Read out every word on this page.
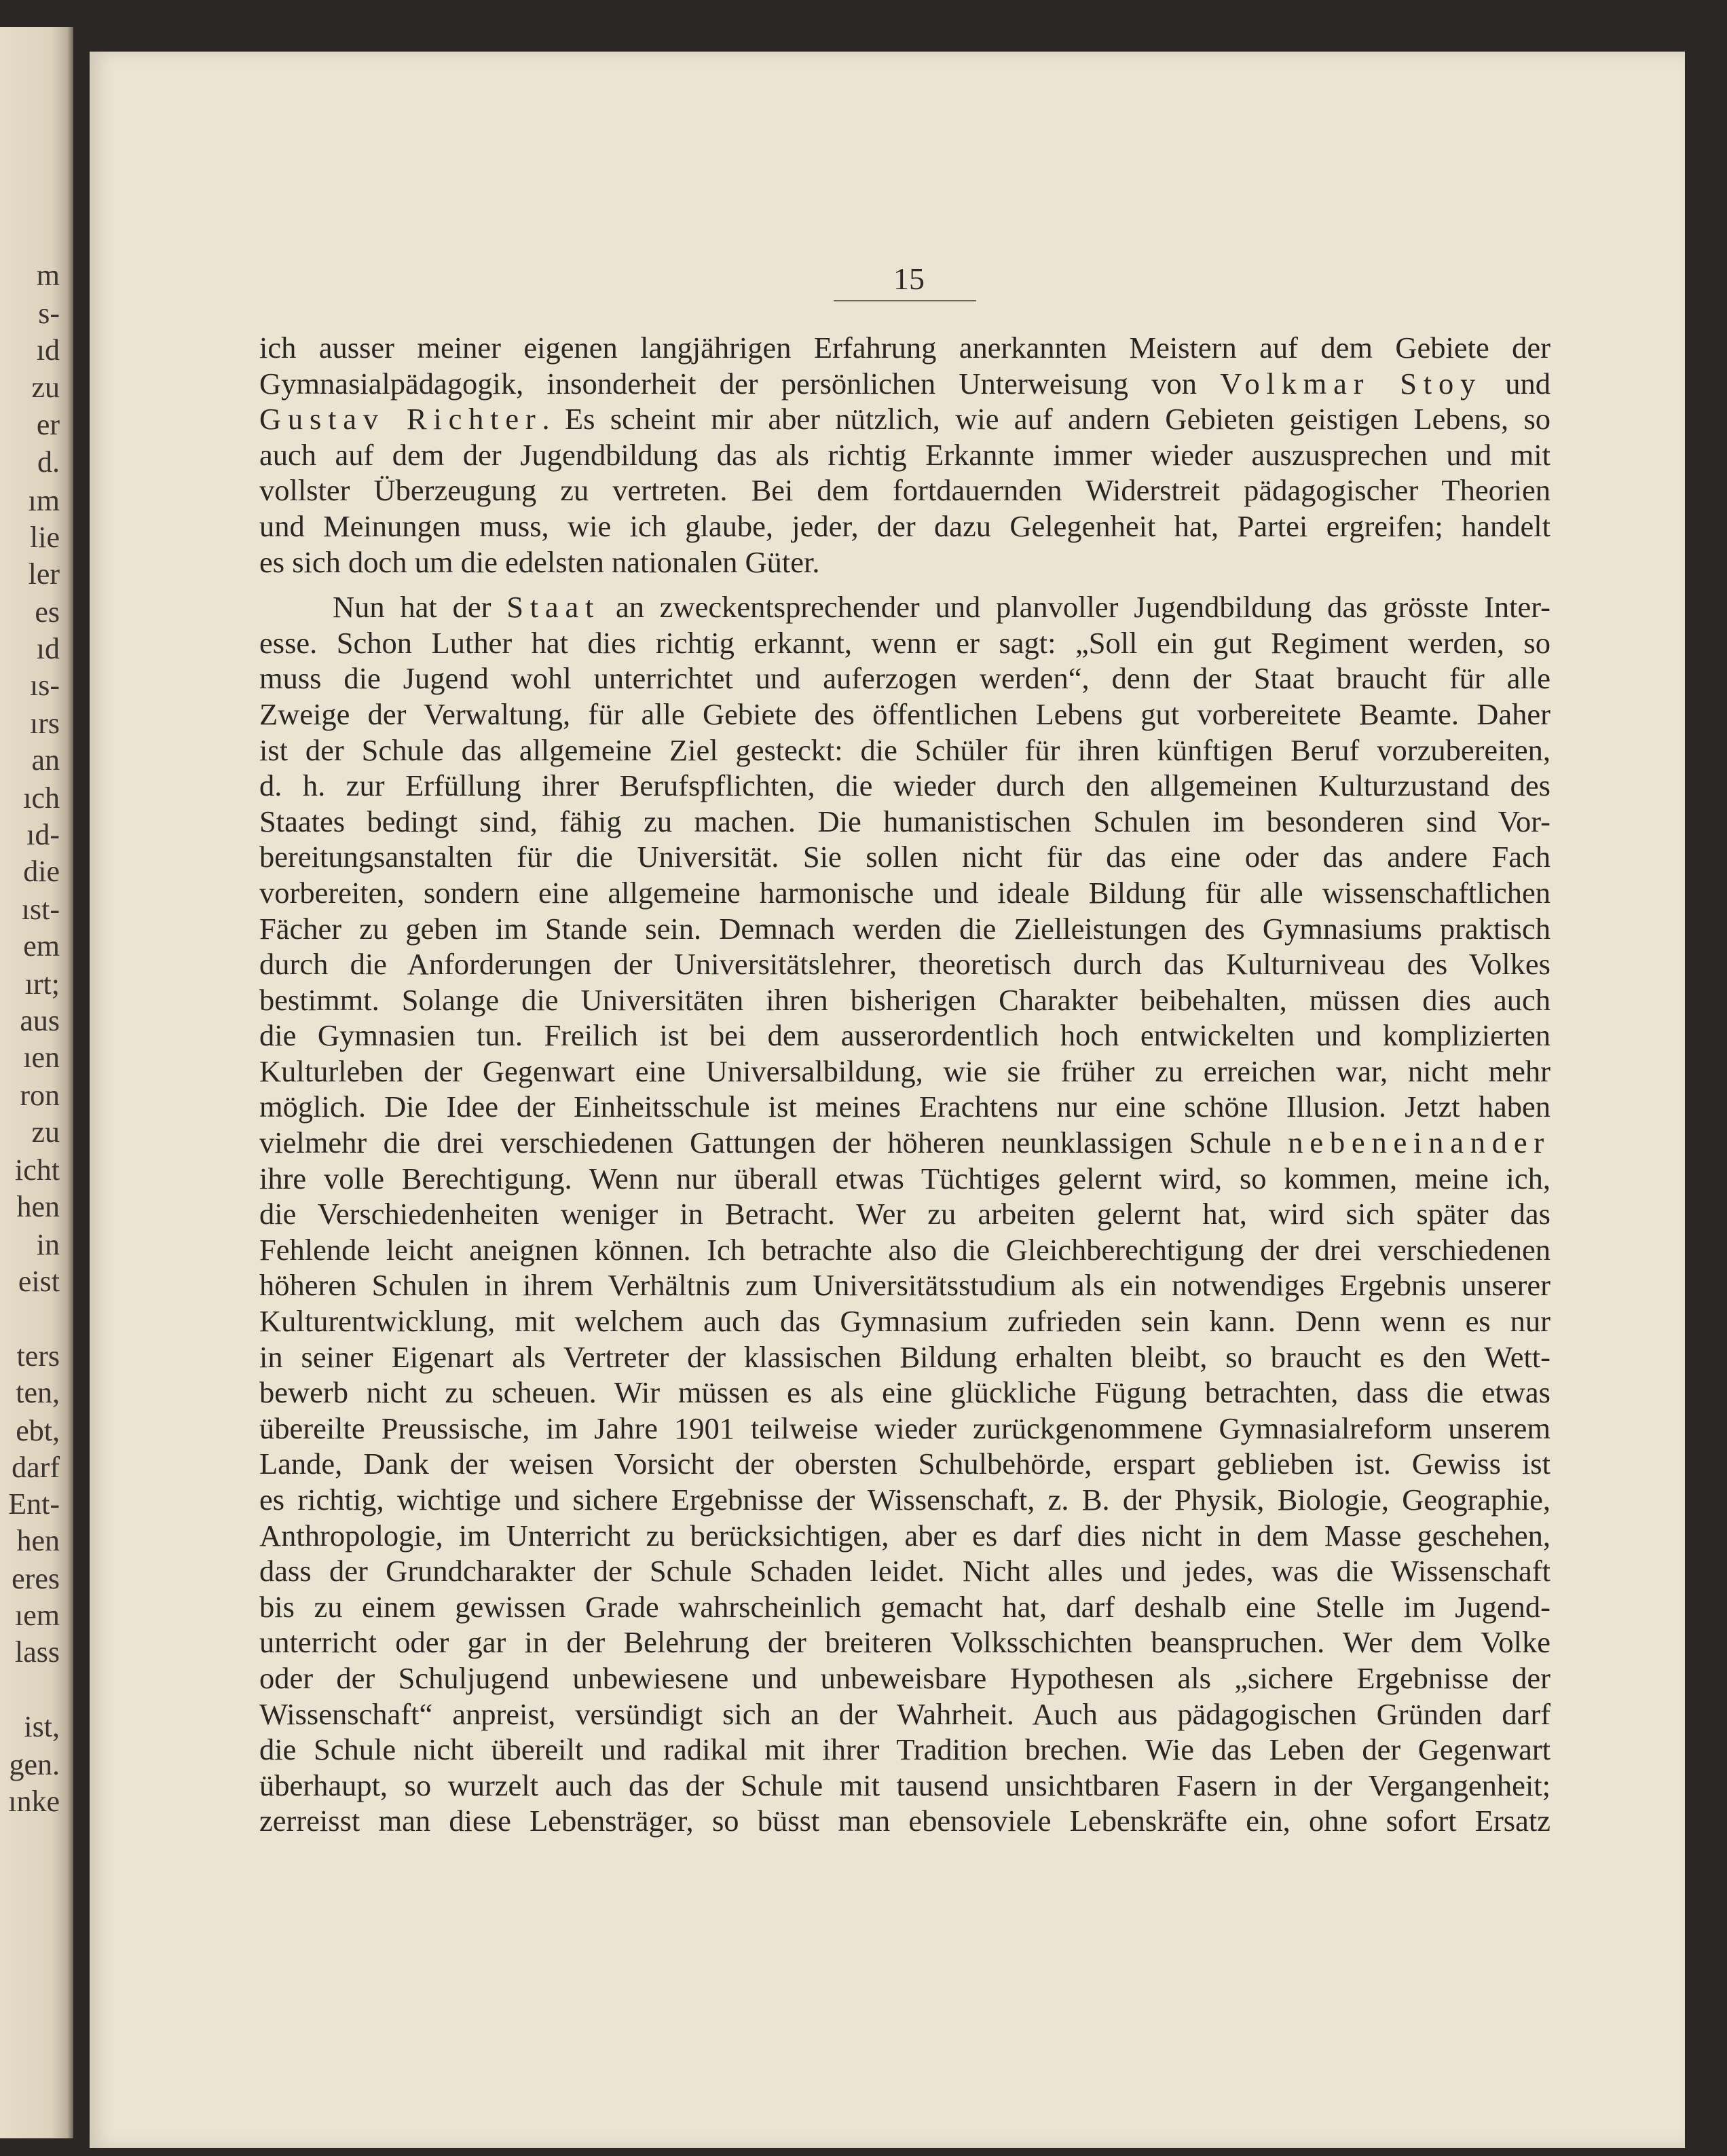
m
s-
ıd
zu
er
d.
ım
lie
ler
es
ıd
ıs-
ırs
an
ıch
ıd-
die
ıst-
em
ırt;
aus
ıen
ron
zu
icht
hen
in
eist
ters
ten,
ebt,
darf
Ent-
hen
eres
ıem
lass
ist,
gen.
ınke
15
ich ausser meiner eigenen langjährigen Erfahrung anerkannten Meistern auf dem Gebiete der
Gymnasialpädagogik, insonderheit der persönlichen Unterweisung von Volkmar Stoy und
Gustav Richter. Es scheint mir aber nützlich, wie auf andern Gebieten geistigen Lebens, so
auch auf dem der Jugendbildung das als richtig Erkannte immer wieder auszusprechen und mit
vollster Überzeugung zu vertreten. Bei dem fortdauernden Widerstreit pädagogischer Theorien
und Meinungen muss, wie ich glaube, jeder, der dazu Gelegenheit hat, Partei ergreifen; handelt
es sich doch um die edelsten nationalen Güter.
Nun hat der Staat an zweckentsprechender und planvoller Jugendbildung das grösste Inter-
esse. Schon Luther hat dies richtig erkannt, wenn er sagt: „Soll ein gut Regiment werden, so
muss die Jugend wohl unterrichtet und auferzogen werden“, denn der Staat braucht für alle
Zweige der Verwaltung, für alle Gebiete des öffentlichen Lebens gut vorbereitete Beamte. Daher
ist der Schule das allgemeine Ziel gesteckt: die Schüler für ihren künftigen Beruf vorzubereiten,
d. h. zur Erfüllung ihrer Berufspflichten, die wieder durch den allgemeinen Kulturzustand des
Staates bedingt sind, fähig zu machen. Die humanistischen Schulen im besonderen sind Vor-
bereitungsanstalten für die Universität. Sie sollen nicht für das eine oder das andere Fach
vorbereiten, sondern eine allgemeine harmonische und ideale Bildung für alle wissenschaftlichen
Fächer zu geben im Stande sein. Demnach werden die Zielleistungen des Gymnasiums praktisch
durch die Anforderungen der Universitätslehrer, theoretisch durch das Kulturniveau des Volkes
bestimmt. Solange die Universitäten ihren bisherigen Charakter beibehalten, müssen dies auch
die Gymnasien tun. Freilich ist bei dem ausserordentlich hoch entwickelten und komplizierten
Kulturleben der Gegenwart eine Universalbildung, wie sie früher zu erreichen war, nicht mehr
möglich. Die Idee der Einheitsschule ist meines Erachtens nur eine schöne Illusion. Jetzt haben
vielmehr die drei verschiedenen Gattungen der höheren neunklassigen Schule nebeneinander
ihre volle Berechtigung. Wenn nur überall etwas Tüchtiges gelernt wird, so kommen, meine ich,
die Verschiedenheiten weniger in Betracht. Wer zu arbeiten gelernt hat, wird sich später das
Fehlende leicht aneignen können. Ich betrachte also die Gleichberechtigung der drei verschiedenen
höheren Schulen in ihrem Verhältnis zum Universitätsstudium als ein notwendiges Ergebnis unserer
Kulturentwicklung, mit welchem auch das Gymnasium zufrieden sein kann. Denn wenn es nur
in seiner Eigenart als Vertreter der klassischen Bildung erhalten bleibt, so braucht es den Wett-
bewerb nicht zu scheuen. Wir müssen es als eine glückliche Fügung betrachten, dass die etwas
übereilte Preussische, im Jahre 1901 teilweise wieder zurückgenommene Gymnasialreform unserem
Lande, Dank der weisen Vorsicht der obersten Schulbehörde, erspart geblieben ist. Gewiss ist
es richtig, wichtige und sichere Ergebnisse der Wissenschaft, z. B. der Physik, Biologie, Geographie,
Anthropologie, im Unterricht zu berücksichtigen, aber es darf dies nicht in dem Masse geschehen,
dass der Grundcharakter der Schule Schaden leidet. Nicht alles und jedes, was die Wissenschaft
bis zu einem gewissen Grade wahrscheinlich gemacht hat, darf deshalb eine Stelle im Jugend-
unterricht oder gar in der Belehrung der breiteren Volksschichten beanspruchen. Wer dem Volke
oder der Schuljugend unbewiesene und unbeweisbare Hypothesen als „sichere Ergebnisse der
Wissenschaft“ anpreist, versündigt sich an der Wahrheit. Auch aus pädagogischen Gründen darf
die Schule nicht übereilt und radikal mit ihrer Tradition brechen. Wie das Leben der Gegenwart
überhaupt, so wurzelt auch das der Schule mit tausend unsichtbaren Fasern in der Vergangenheit;
zerreisst man diese Lebensträger, so büsst man ebensoviele Lebenskräfte ein, ohne sofort Ersatz
